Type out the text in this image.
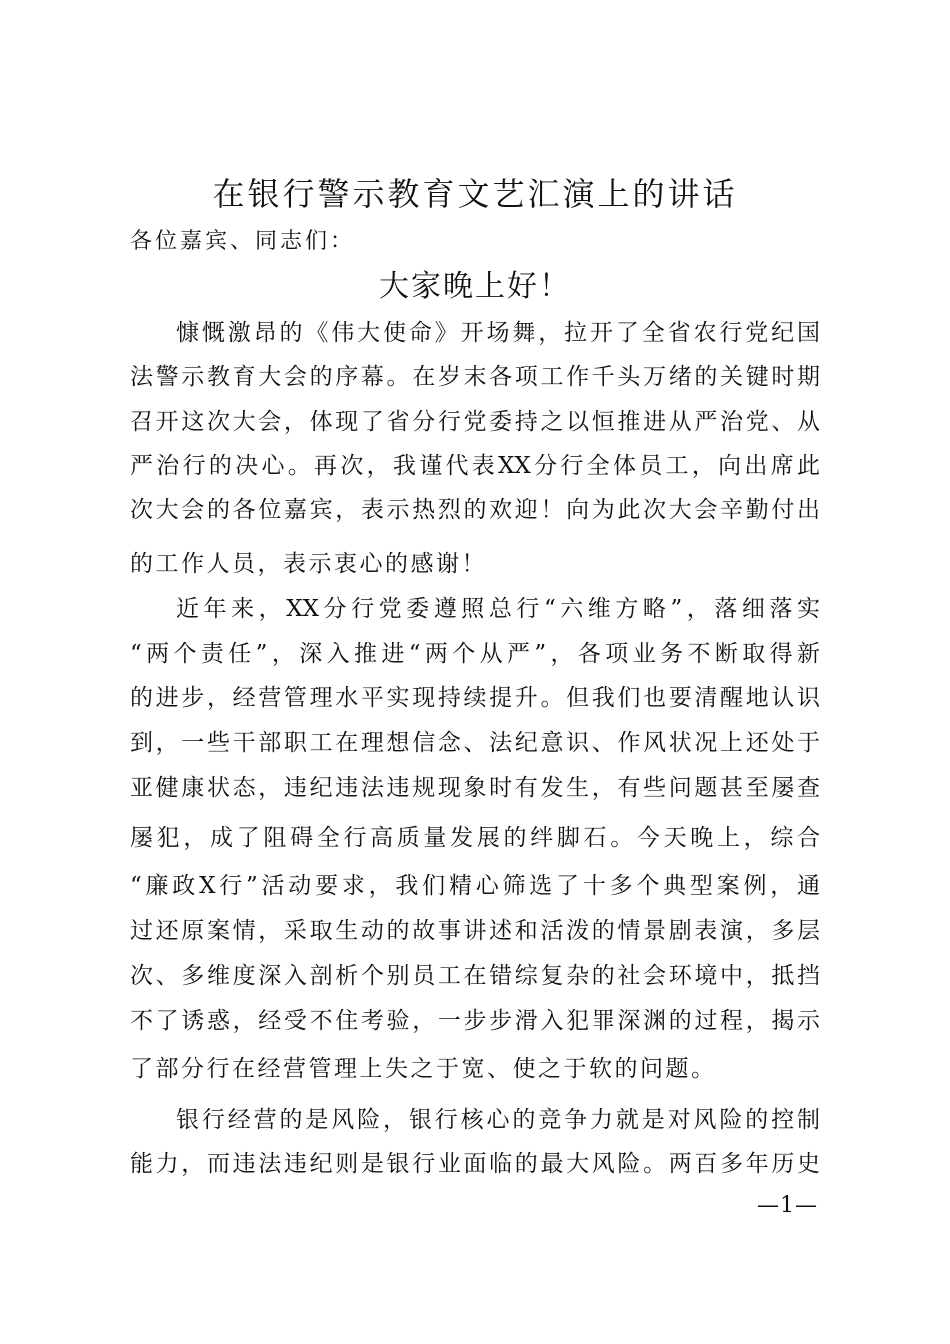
在银行警示教育文艺汇演上的讲话
各位嘉宾、同志们：
大家晚上好！
慷慨激昂的《伟大使命》开场舞，拉开了全省农行党纪国
法警示教育大会的序幕。在岁末各项工作千头万绪的关键时期
召开这次大会，体现了省分行党委持之以恒推进从严治党、从
严治行的决心。再次，我谨代表XX分行全体员工，向出席此
次大会的各位嘉宾，表示热烈的欢迎！向为此次大会辛勤付出
的工作人员，表示衷心的感谢！
近年来，XX分行党委遵照总行“六维方略”，落细落实
“两个责任”，深入推进“两个从严”，各项业务不断取得新
的进步，经营管理水平实现持续提升。但我们也要清醒地认识
到，一些干部职工在理想信念、法纪意识、作风状况上还处于
亚健康状态，违纪违法违规现象时有发生，有些问题甚至屡查
屡犯，成了阻碍全行高质量发展的绊脚石。今天晚上，综合
“廉政X行”活动要求，我们精心筛选了十多个典型案例，通
过还原案情，采取生动的故事讲述和活泼的情景剧表演，多层
次、多维度深入剖析个别员工在错综复杂的社会环境中，抵挡
不了诱惑，经受不住考验，一步步滑入犯罪深渊的过程，揭示
了部分行在经营管理上失之于宽、使之于软的问题。
银行经营的是风险，银行核心的竞争力就是对风险的控制
能力，而违法违纪则是银行业面临的最大风险。两百多年历史
—1—
